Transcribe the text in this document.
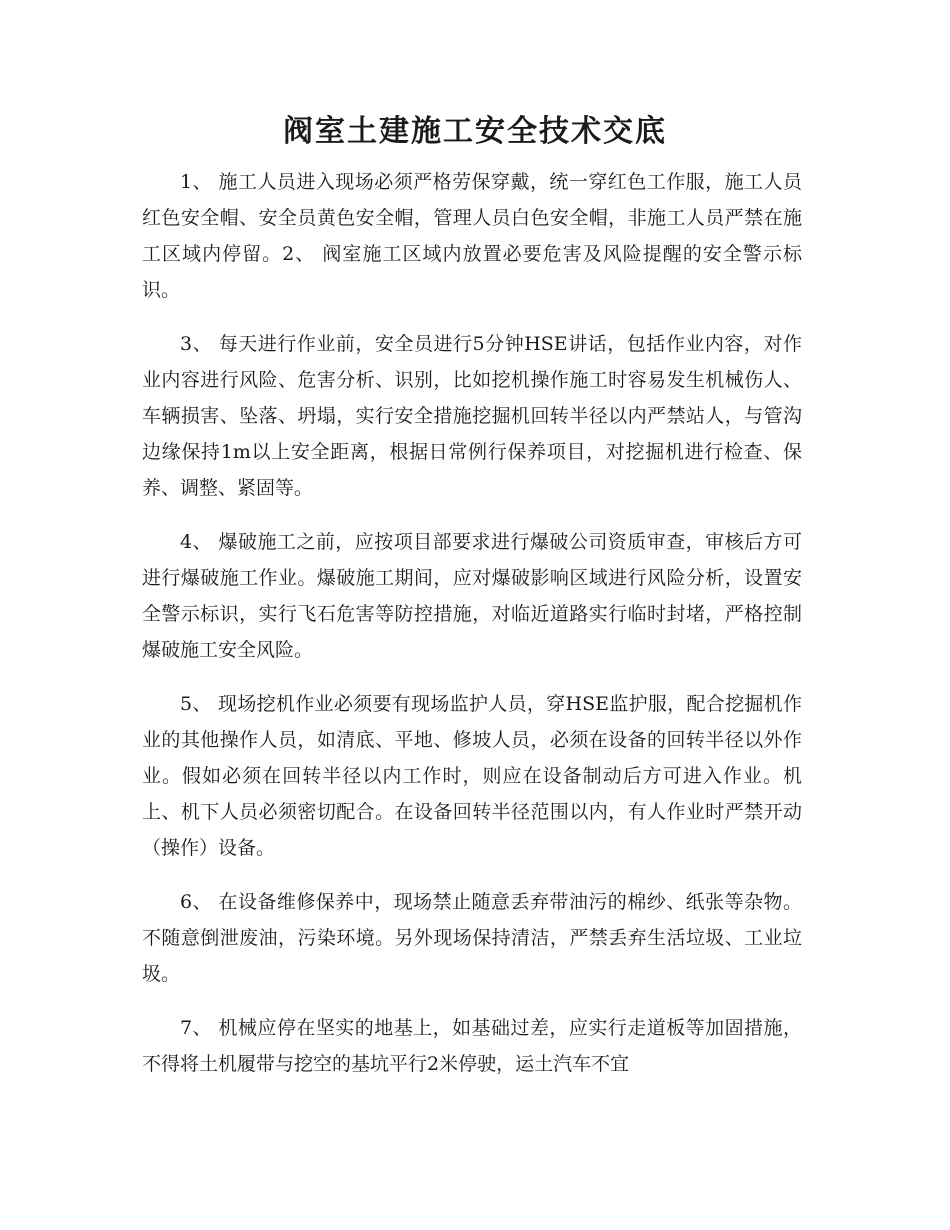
阀室土建施工安全技术交底

1、 施工人员进入现场必须严格劳保穿戴，统一穿红色工作服，施工人员红色安全帽、安全员黄色安全帽，管理人员白色安全帽，非施工人员严禁在施工区域内停留。2、 阀室施工区域内放置必要危害及风险提醒的安全警示标识。

3、 每天进行作业前，安全员进行5分钟HSE讲话，包括作业内容，对作业内容进行风险、危害分析、识别，比如挖机操作施工时容易发生机械伤人、车辆损害、坠落、坍塌，实行安全措施挖掘机回转半径以内严禁站人，与管沟边缘保持1m以上安全距离，根据日常例行保养项目，对挖掘机进行检查、保养、调整、紧固等。

4、 爆破施工之前，应按项目部要求进行爆破公司资质审查，审核后方可进行爆破施工作业。爆破施工期间，应对爆破影响区域进行风险分析，设置安全警示标识，实行飞石危害等防控措施，对临近道路实行临时封堵，严格控制爆破施工安全风险。

5、 现场挖机作业必须要有现场监护人员，穿HSE监护服，配合挖掘机作业的其他操作人员，如清底、平地、修坡人员，必须在设备的回转半径以外作业。假如必须在回转半径以内工作时，则应在设备制动后方可进入作业。机上、机下人员必须密切配合。在设备回转半径范围以内，有人作业时严禁开动（操作）设备。

6、 在设备维修保养中，现场禁止随意丢弃带油污的棉纱、纸张等杂物。不随意倒泄废油，污染环境。另外现场保持清洁，严禁丢弃生活垃圾、工业垃圾。

7、 机械应停在坚实的地基上，如基础过差，应实行走道板等加固措施，不得将土机履带与挖空的基坑平行2米停驶，运土汽车不宜
